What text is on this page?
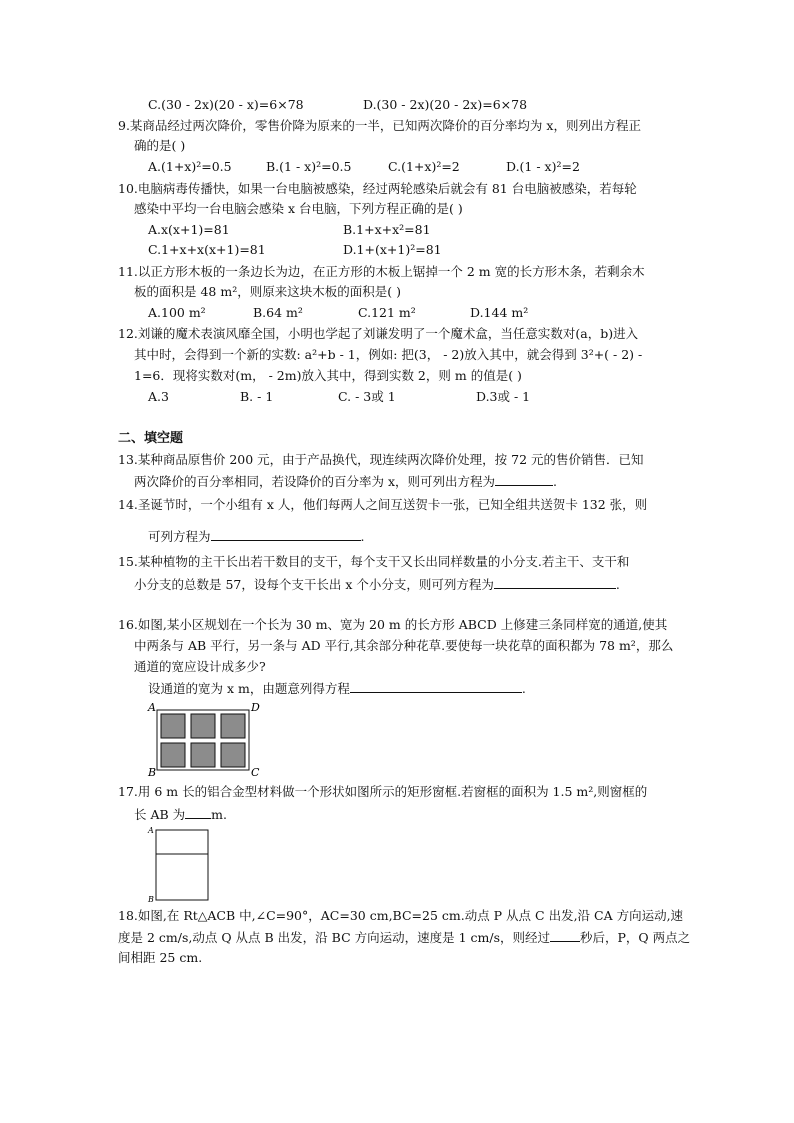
C.(30 - 2x)(20 - x)=6×78	D.(30 - 2x)(20 - 2x)=6×78
9.某商品经过两次降价，零售价降为原来的一半，已知两次降价的百分率均为 x，则列出方程正
确的是( )
A.(1+x)²=0.5	B.(1 - x)²=0.5	C.(1+x)²=2	D.(1 - x)²=2
10.电脑病毒传播快，如果一台电脑被感染，经过两轮感染后就会有 81 台电脑被感染，若每轮
感染中平均一台电脑会感染 x 台电脑，下列方程正确的是( )
A.x(x+1)=81	B.1+x+x²=81
C.1+x+x(x+1)=81	D.1+(x+1)²=81
11.以正方形木板的一条边长为边，在正方形的木板上锯掉一个 2 m 宽的长方形木条，若剩余木
板的面积是 48 m²，则原来这块木板的面积是( )
A.100 m²	B.64 m²	C.121 m²	D.144 m²
12.刘谦的魔术表演风靡全国，小明也学起了刘谦发明了一个魔术盒，当任意实数对(a，b)进入
其中时，会得到一个新的实数: a²+b - 1，例如: 把(3， - 2)放入其中，就会得到 3²+( - 2) -
1=6．现将实数对(m， - 2m)放入其中，得到实数 2，则 m 的值是( )
A.3	B. - 1	C. - 3或 1	D.3或 - 1
二、填空题
13.某种商品原售价 200 元，由于产品换代，现连续两次降价处理，按 72 元的售价销售．已知
两次降价的百分率相同，若设降价的百分率为 x，则可列出方程为	.
14.圣诞节时，一个小组有 x 人，他们每两人之间互送贺卡一张，已知全组共送贺卡 132 张，则
可列方程为	.
15.某种植物的主干长出若干数目的支干，每个支干又长出同样数量的小分支.若主干、支干和
小分支的总数是 57，设每个支干长出 x 个小分支，则可列方程为	.
16.如图,某小区规划在一个长为 30 m、宽为 20 m 的长方形 ABCD 上修建三条同样宽的通道,使其
中两条与 AB 平行，另一条与 AD 平行,其余部分种花草.要使每一块花草的面积都为 78 m²，那么
通道的宽应设计成多少?
设通道的宽为 x m，由题意列得方程	.
A	D
B	C
17.用 6 m 长的铝合金型材料做一个形状如图所示的矩形窗框.若窗框的面积为 1.5 m²,则窗框的
长 AB 为 m.
A
B
18.如图,在 Rt△ACB 中,∠C=90°，AC=30 cm,BC=25 cm.动点 P 从点 C 出发,沿 CA 方向运动,速
度是 2 cm/s,动点 Q 从点 B 出发，沿 BC 方向运动，速度是 1 cm/s，则经过 秒后，P，Q 两点之
间相距 25 cm.
